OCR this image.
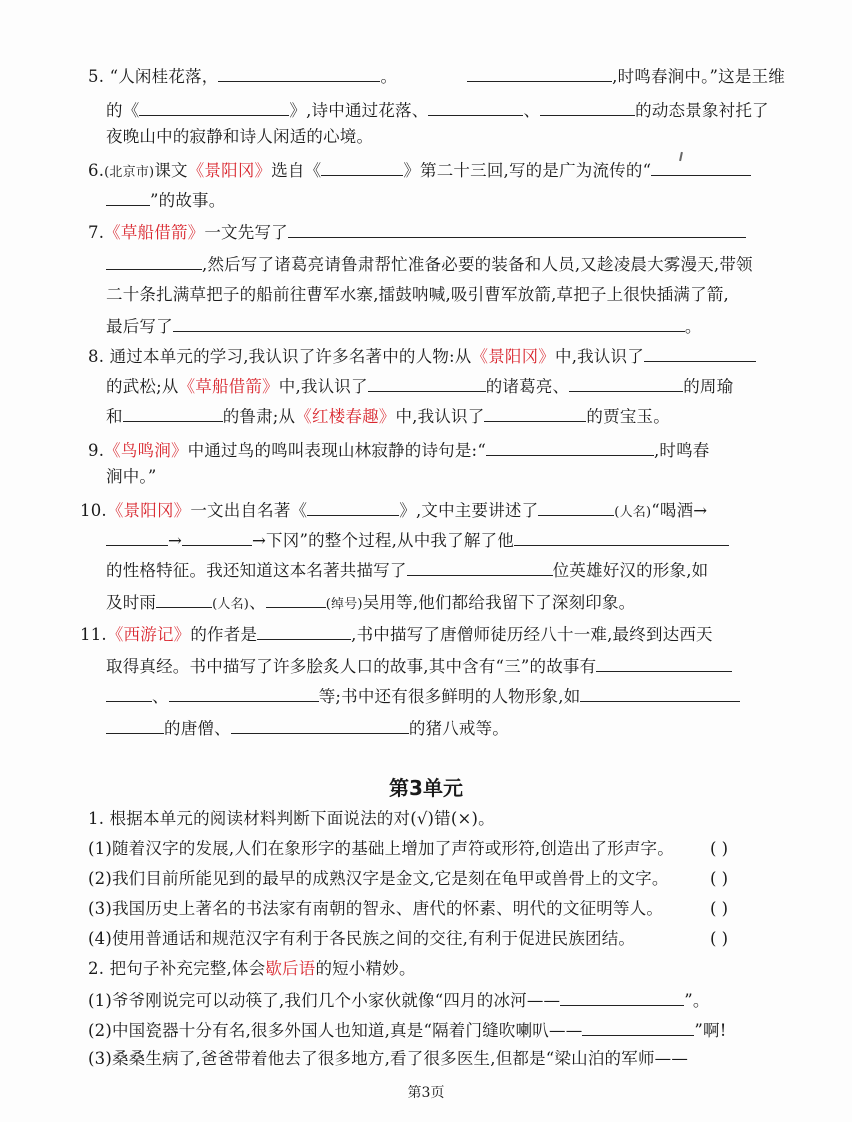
5. “人闲桂花落，	。	,时鸣春涧中。”这是王维
的《	》,诗中通过花落、	、	的动态景象衬托了
夜晚山中的寂静和诗人闲适的心境。
6.(北京市)课文《景阳冈》选自《	》第二十三回,写的是广为流传的“
”的故事。
7.《草船借箭》一文先写了
,然后写了诸葛亮请鲁肃帮忙准备必要的装备和人员,又趁凌晨大雾漫天,带领
二十条扎满草把子的船前往曹军水寨,擂鼓呐喊,吸引曹军放箭,草把子上很快插满了箭,
最后写了	。
8. 通过本单元的学习,我认识了许多名著中的人物:从《景阳冈》中,我认识了
的武松;从《草船借箭》中,我认识了	的诸葛亮、	的周瑜
和	的鲁肃;从《红楼春趣》中,我认识了	的贾宝玉。
9.《鸟鸣涧》中通过鸟的鸣叫表现山林寂静的诗句是:“	,时鸣春
涧中。”
10.《景阳冈》一文出自名著《	》,文中主要讲述了	(人名)“喝酒→
→	→下冈”的整个过程,从中我了解了他
的性格特征。我还知道这本名著共描写了	位英雄好汉的形象,如
及时雨	(人名)、	(绰号)吴用等,他们都给我留下了深刻印象。
11.《西游记》的作者是	,书中描写了唐僧师徒历经八十一难,最终到达西天
取得真经。书中描写了许多脍炙人口的故事,其中含有“三”的故事有
、	等;书中还有很多鲜明的人物形象,如
的唐僧、	的猪八戒等。
第3单元
1. 根据本单元的阅读材料判断下面说法的对(√)错(×)。
(1)随着汉字的发展,人们在象形字的基础上增加了声符或形符,创造出了形声字。 ( )
(2)我们目前所能见到的最早的成熟汉字是金文,它是刻在龟甲或兽骨上的文字。	( )
(3)我国历史上著名的书法家有南朝的智永、唐代的怀素、明代的文征明等人。	( )
(4)使用普通话和规范汉字有利于各民族之间的交往,有利于促进民族团结。	( )
2. 把句子补充完整,体会歇后语的短小精妙。
(1)爷爷刚说完可以动筷了,我们几个小家伙就像“四月的冰河——	”。
(2)中国瓷器十分有名,很多外国人也知道,真是“隔着门缝吹喇叭——	”啊!
(3)桑桑生病了,爸爸带着他去了很多地方,看了很多医生,但都是“梁山泊的军师——
第3页
